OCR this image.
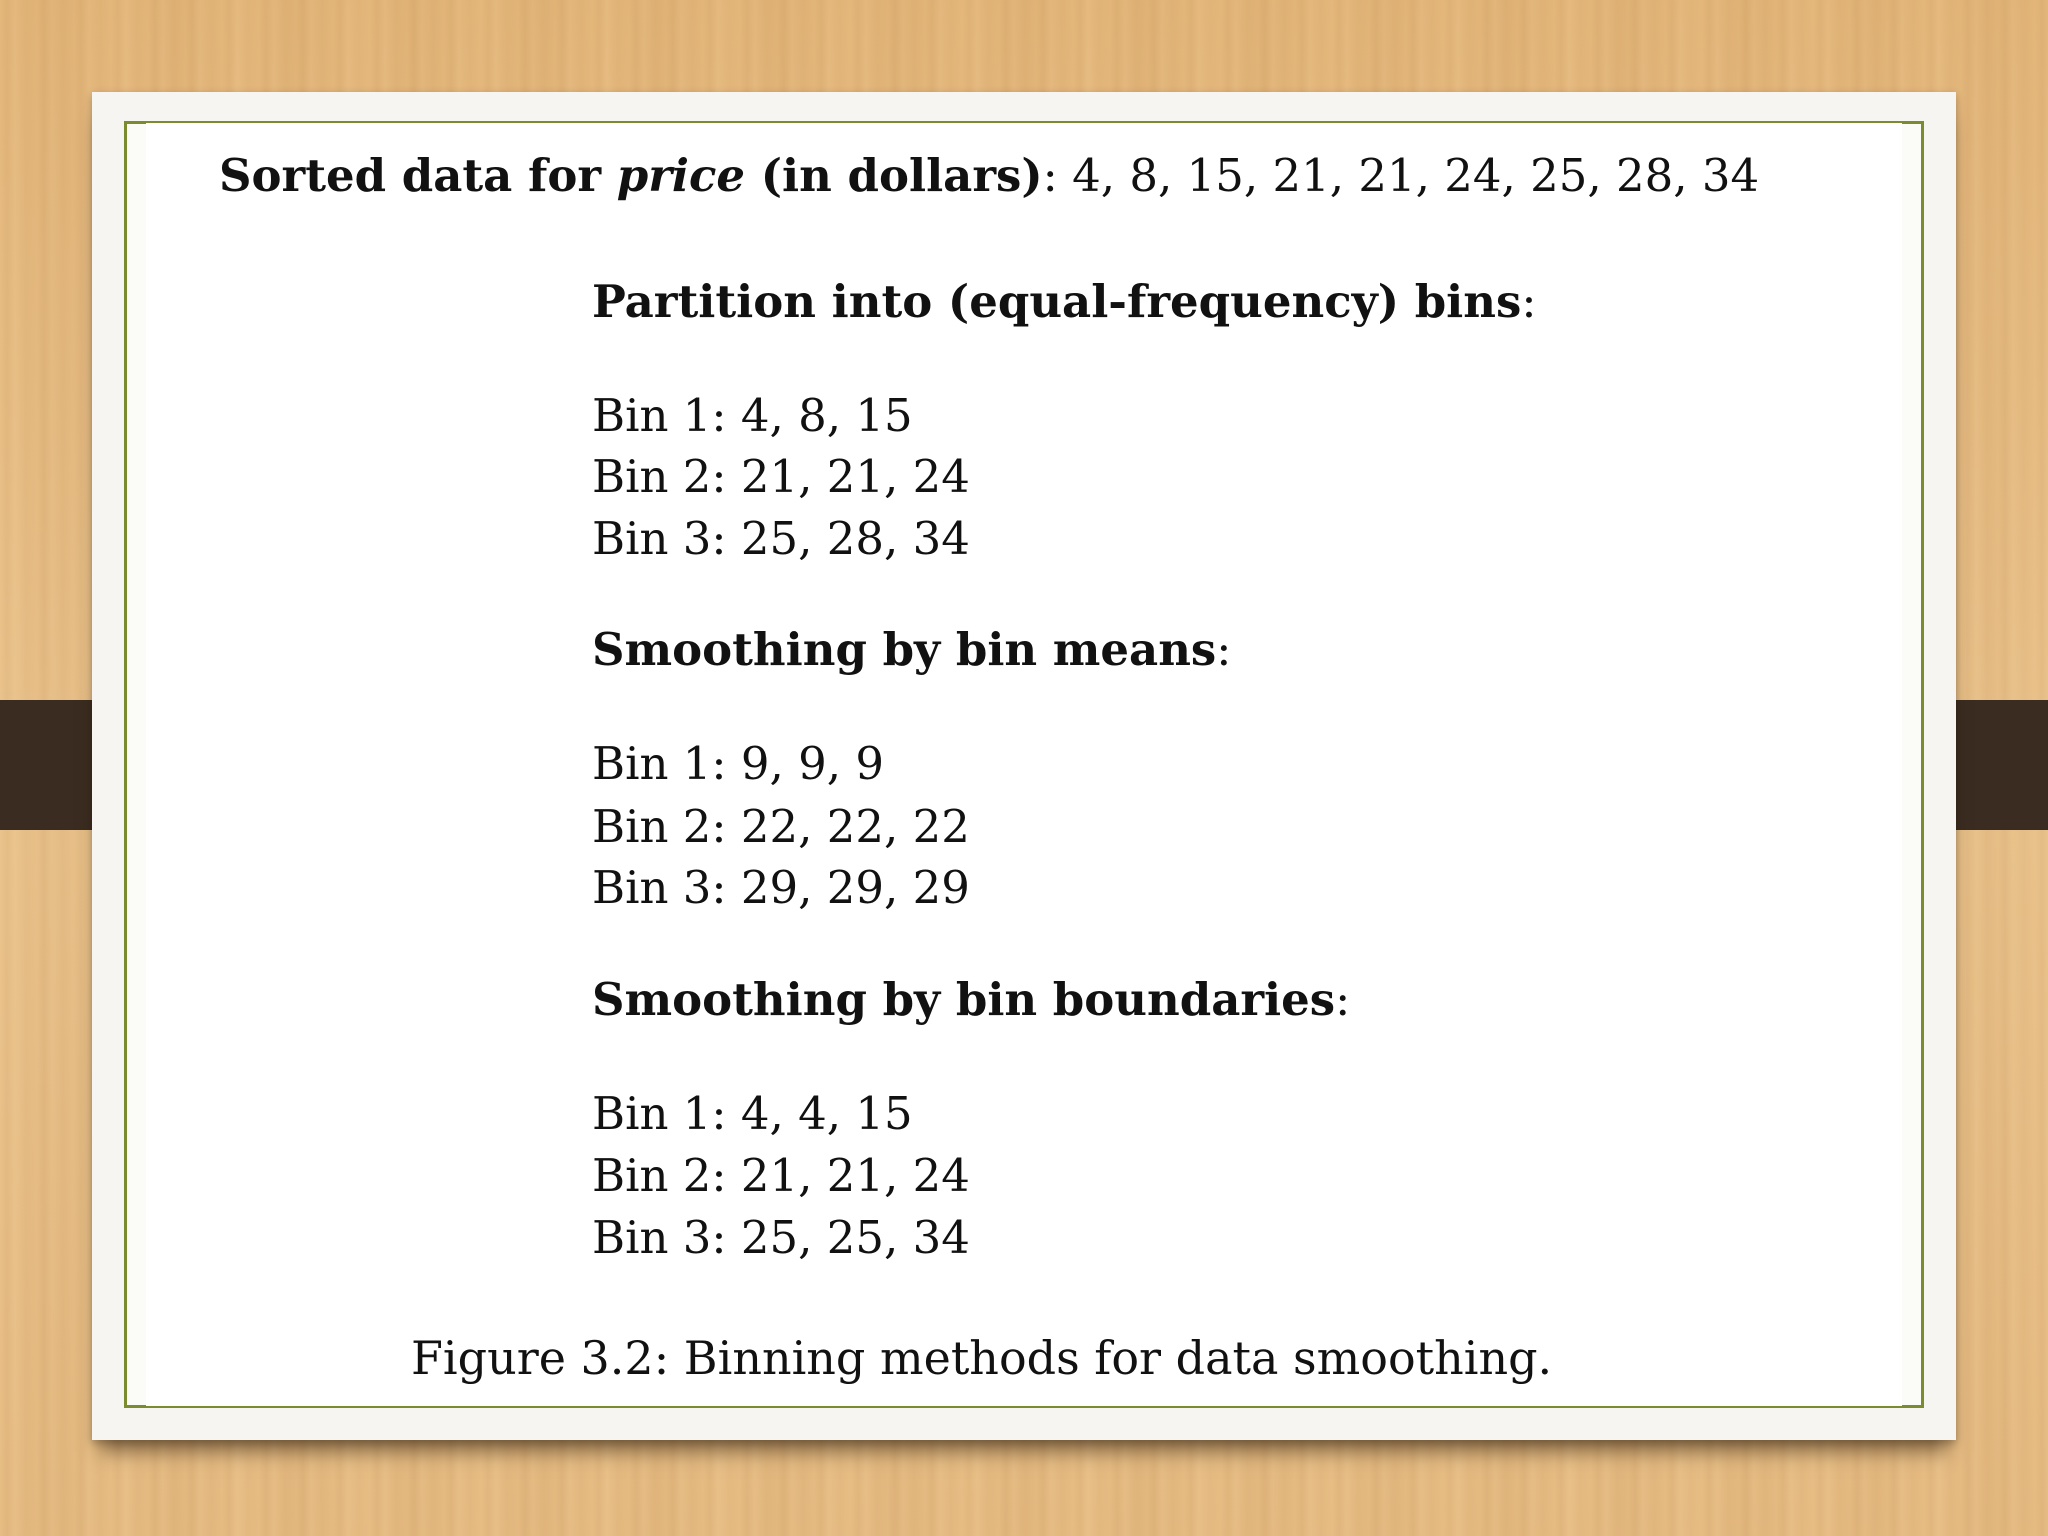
Sorted data for price (in dollars): 4, 8, 15, 21, 21, 24, 25, 28, 34
Partition into (equal-frequency) bins:
Bin 1: 4, 8, 15
Bin 2: 21, 21, 24
Bin 3: 25, 28, 34
Smoothing by bin means:
Bin 1: 9, 9, 9
Bin 2: 22, 22, 22
Bin 3: 29, 29, 29
Smoothing by bin boundaries:
Bin 1: 4, 4, 15
Bin 2: 21, 21, 24
Bin 3: 25, 25, 34
Figure 3.2: Binning methods for data smoothing.
